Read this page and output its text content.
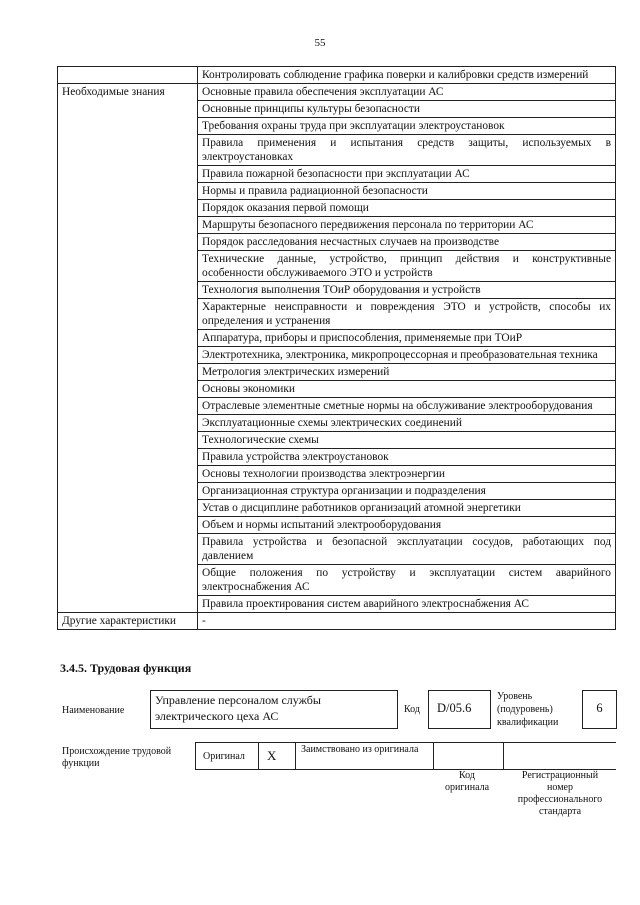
55
	Контролировать соблюдение графика поверки и калибровки средств измерений
Необходимые знания	Основные правила обеспечения эксплуатации АС
	Основные принципы культуры безопасности
	Требования охраны труда при эксплуатации электроустановок
	Правила применения и испытания средств защиты, используемых в электроустановках
	Правила пожарной безопасности при эксплуатации АС
	Нормы и правила радиационной безопасности
	Порядок оказания первой помощи
	Маршруты безопасного передвижения персонала по территории АС
	Порядок расследования несчастных случаев на производстве
	Технические данные, устройство, принцип действия и конструктивные особенности обслуживаемого ЭТО и устройств
	Технология выполнения ТОиР оборудования и устройств
	Характерные неисправности и повреждения ЭТО и устройств, способы их определения и устранения
	Аппаратура, приборы и приспособления, применяемые при ТОиР
	Электротехника, электроника, микропроцессорная и преобразовательная техника
	Метрология электрических измерений
	Основы экономики
	Отраслевые элементные сметные нормы на обслуживание электрооборудования
	Эксплуатационные схемы электрических соединений
	Технологические схемы
	Правила устройства электроустановок
	Основы технологии производства электроэнергии
	Организационная структура организации и подразделения
	Устав о дисциплине работников организаций атомной энергетики
	Объем и нормы испытаний электрооборудования
	Правила устройства и безопасной эксплуатации сосудов, работающих под давлением
	Общие положения по устройству и эксплуатации систем аварийного электроснабжения АС
	Правила проектирования систем аварийного электроснабжения АС
Другие характеристики	-
3.4.5. Трудовая функция
Наименование
Управление персоналом службы электрического цеха АС	Код	D/05.6
Уровень (подуровень) квалификации
6
Происхождение трудовой функции
Оригинал X Заимствовано из оригинала
Код оригинала
Регистрационный номер профессионального стандарта
